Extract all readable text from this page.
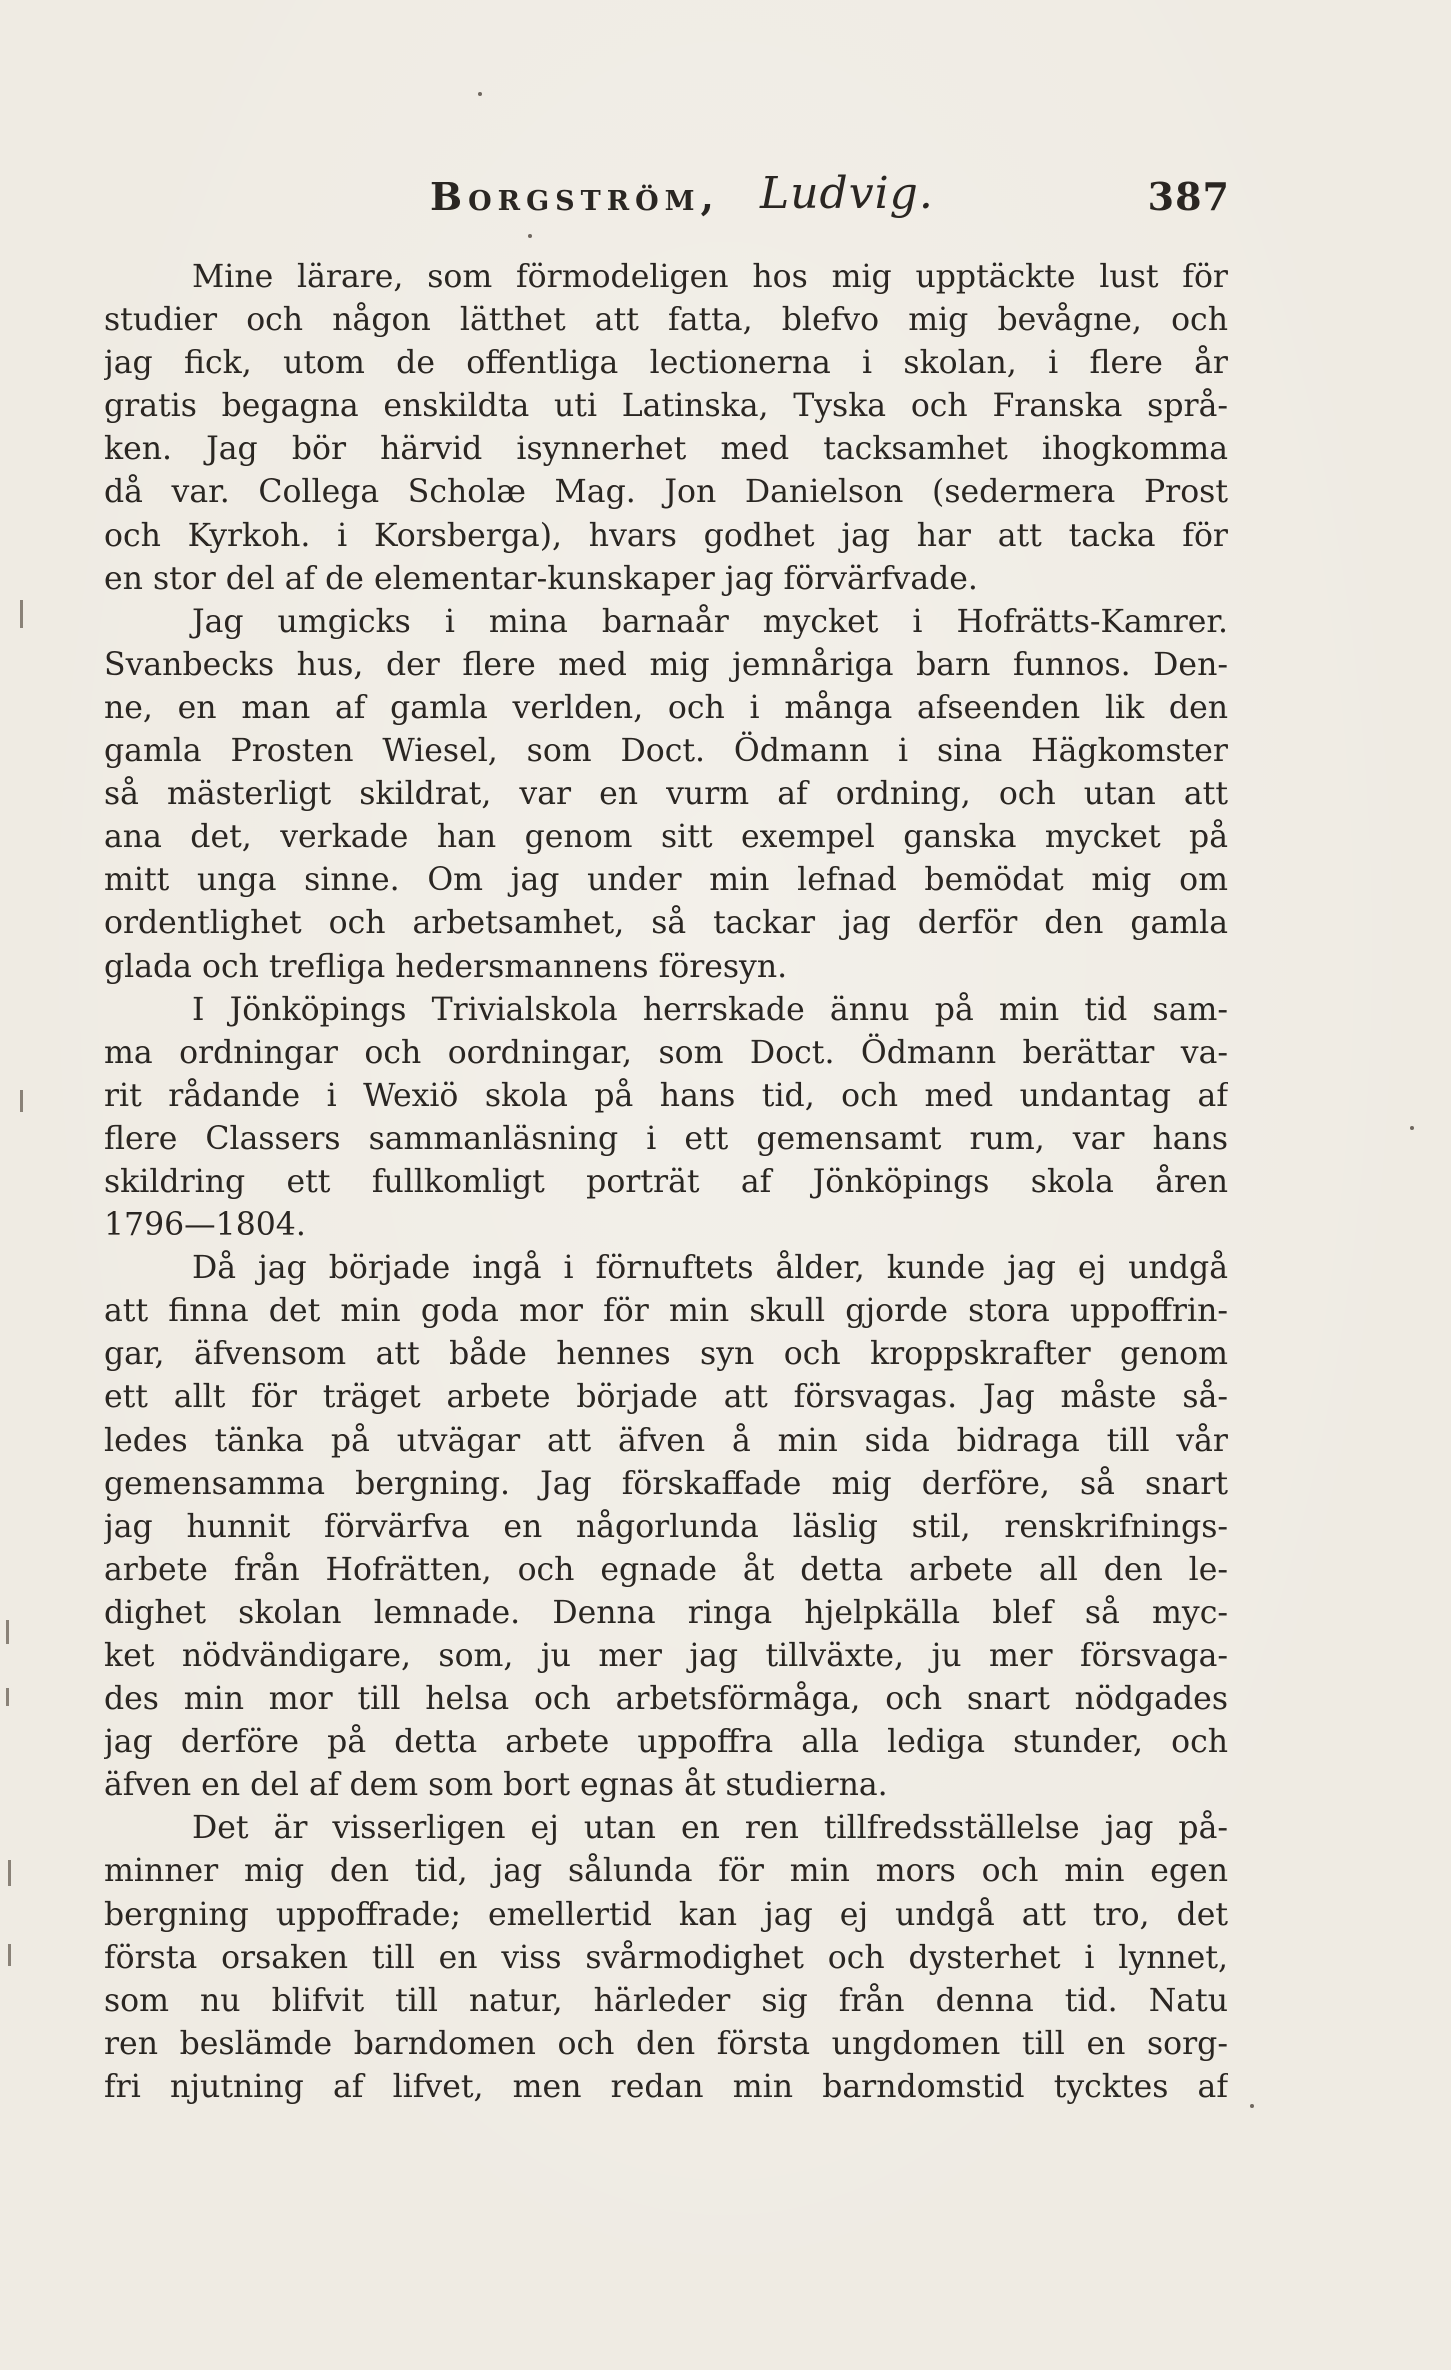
Borgström, Ludvig.	387
Mine lärare, som förmodeligen hos mig upptäckte lust för
studier och någon lätthet att fatta, blefvo mig bevågne, och
jag fick, utom de offentliga lectionerna i skolan, i flere år
gratis begagna enskildta uti Latinska, Tyska och Franska språ-
ken. Jag bör härvid isynnerhet med tacksamhet ihogkomma
då var. Collega Scholæ Mag. Jon Danielson (sedermera Prost
och Kyrkoh. i Korsberga), hvars godhet jag har att tacka för
en stor del af de elementar-kunskaper jag förvärfvade.
Jag umgicks i mina barnaår mycket i Hofrätts-Kamrer.
Svanbecks hus, der flere med mig jemnåriga barn funnos. Den-
ne, en man af gamla verlden, och i många afseenden lik den
gamla Prosten Wiesel, som Doct. Ödmann i sina Hägkomster
så mästerligt skildrat, var en vurm af ordning, och utan att
ana det, verkade han genom sitt exempel ganska mycket på
mitt unga sinne. Om jag under min lefnad bemödat mig om
ordentlighet och arbetsamhet, så tackar jag derför den gamla
glada och trefliga hedersmannens föresyn.
I Jönköpings Trivialskola herrskade ännu på min tid sam-
ma ordningar och oordningar, som Doct. Ödmann berättar va-
rit rådande i Wexiö skola på hans tid, och med undantag af
flere Classers sammanläsning i ett gemensamt rum, var hans
skildring ett fullkomligt porträt af Jönköpings skola åren
1796—1804.
Då jag började ingå i förnuftets ålder, kunde jag ej undgå
att finna det min goda mor för min skull gjorde stora uppoffrin-
gar, äfvensom att både hennes syn och kroppskrafter genom
ett allt för träget arbete började att försvagas. Jag måste så-
ledes tänka på utvägar att äfven å min sida bidraga till vår
gemensamma bergning. Jag förskaffade mig derföre, så snart
jag hunnit förvärfva en någorlunda läslig stil, renskrifnings-
arbete från Hofrätten, och egnade åt detta arbete all den le-
dighet skolan lemnade. Denna ringa hjelpkälla blef så myc-
ket nödvändigare, som, ju mer jag tillväxte, ju mer försvaga-
des min mor till helsa och arbetsförmåga, och snart nödgades
jag derföre på detta arbete uppoffra alla lediga stunder, och
äfven en del af dem som bort egnas åt studierna.
Det är visserligen ej utan en ren tillfredsställelse jag på-
minner mig den tid, jag sålunda för min mors och min egen
bergning uppoffrade; emellertid kan jag ej undgå att tro, det
första orsaken till en viss svårmodighet och dysterhet i lynnet,
som nu blifvit till natur, härleder sig från denna tid. Natu
ren beslämde barndomen och den första ungdomen till en sorg-
fri njutning af lifvet, men redan min barndomstid tycktes af
